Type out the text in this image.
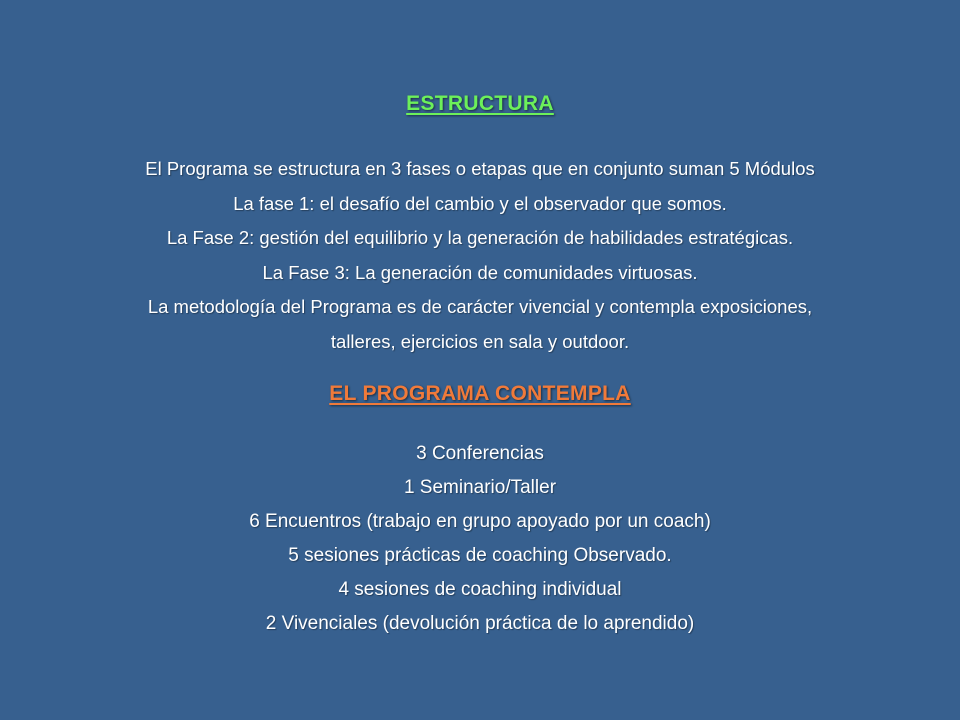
ESTRUCTURA
El Programa se estructura en 3 fases o etapas que en conjunto suman 5 Módulos
La fase 1: el desafío del cambio y el observador que somos.
La Fase 2: gestión del equilibrio y la generación de habilidades estratégicas.
La Fase 3: La generación de comunidades virtuosas.
La metodología del Programa es de carácter vivencial y contempla exposiciones,
talleres, ejercicios en sala y outdoor.
EL PROGRAMA CONTEMPLA
3 Conferencias
1 Seminario/Taller
6 Encuentros (trabajo en grupo apoyado por un coach)
5 sesiones prácticas de coaching Observado.
4 sesiones de coaching individual
2 Vivenciales (devolución práctica de lo aprendido)
